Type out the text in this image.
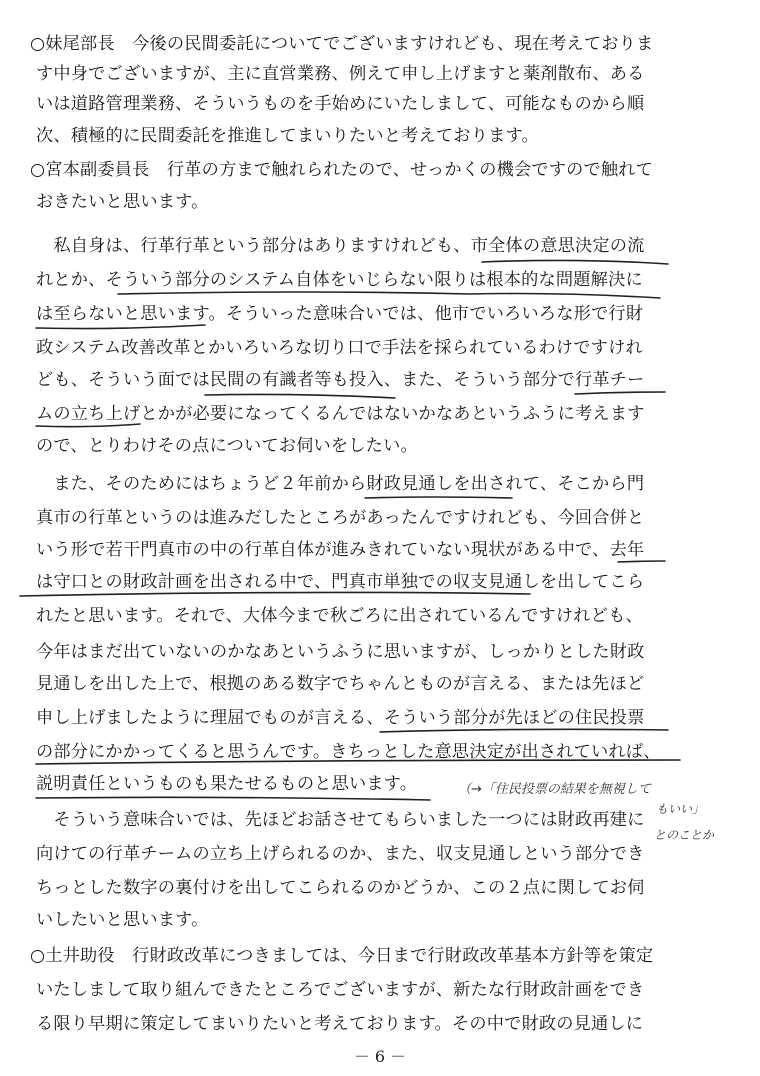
○妹尾部長　今後の民間委託についてでございますけれども、現在考えておりま
す中身でございますが、主に直営業務、例えて申し上げますと薬剤散布、ある
いは道路管理業務、そういうものを手始めにいたしまして、可能なものから順
次、積極的に民間委託を推進してまいりたいと考えております。
○宮本副委員長　行革の方まで触れられたので、せっかくの機会ですので触れて
おきたいと思います。
　私自身は、行革行革という部分はありますけれども、市全体の意思決定の流
れとか、そういう部分のシステム自体をいじらない限りは根本的な問題解決に
は至らないと思います。そういった意味合いでは、他市でいろいろな形で行財
政システム改善改革とかいろいろな切り口で手法を採られているわけですけれ
ども、そういう面では民間の有識者等も投入、また、そういう部分で行革チー
ムの立ち上げとかが必要になってくるんではないかなあというふうに考えます
ので、とりわけその点についてお伺いをしたい。
　また、そのためにはちょうど２年前から財政見通しを出されて、そこから門
真市の行革というのは進みだしたところがあったんですけれども、今回合併と
いう形で若干門真市の中の行革自体が進みきれていない現状がある中で、去年
は守口との財政計画を出される中で、門真市単独での収支見通しを出してこら
れたと思います。それで、大体今まで秋ごろに出されているんですけれども、
今年はまだ出ていないのかなあというふうに思いますが、しっかりとした財政
見通しを出した上で、根拠のある数字でちゃんとものが言える、または先ほど
申し上げましたように理屈でものが言える、そういう部分が先ほどの住民投票
の部分にかかってくると思うんです。きちっとした意思決定が出されていれば、
説明責任というものも果たせるものと思います。
　そういう意味合いでは、先ほどお話させてもらいました一つには財政再建に
向けての行革チームの立ち上げられるのか、また、収支見通しという部分でき
ちっとした数字の裏付けを出してこられるのかどうか、この２点に関してお伺
いしたいと思います。
○土井助役　行財政改革につきましては、今日まで行財政改革基本方針等を策定
いたしまして取り組んできたところでございますが、新たな行財政計画をでき
る限り早期に策定してまいりたいと考えております。その中で財政の見通しに
（→「住民投票の結果を無視して
もいい」
とのことか
－ 6 －
